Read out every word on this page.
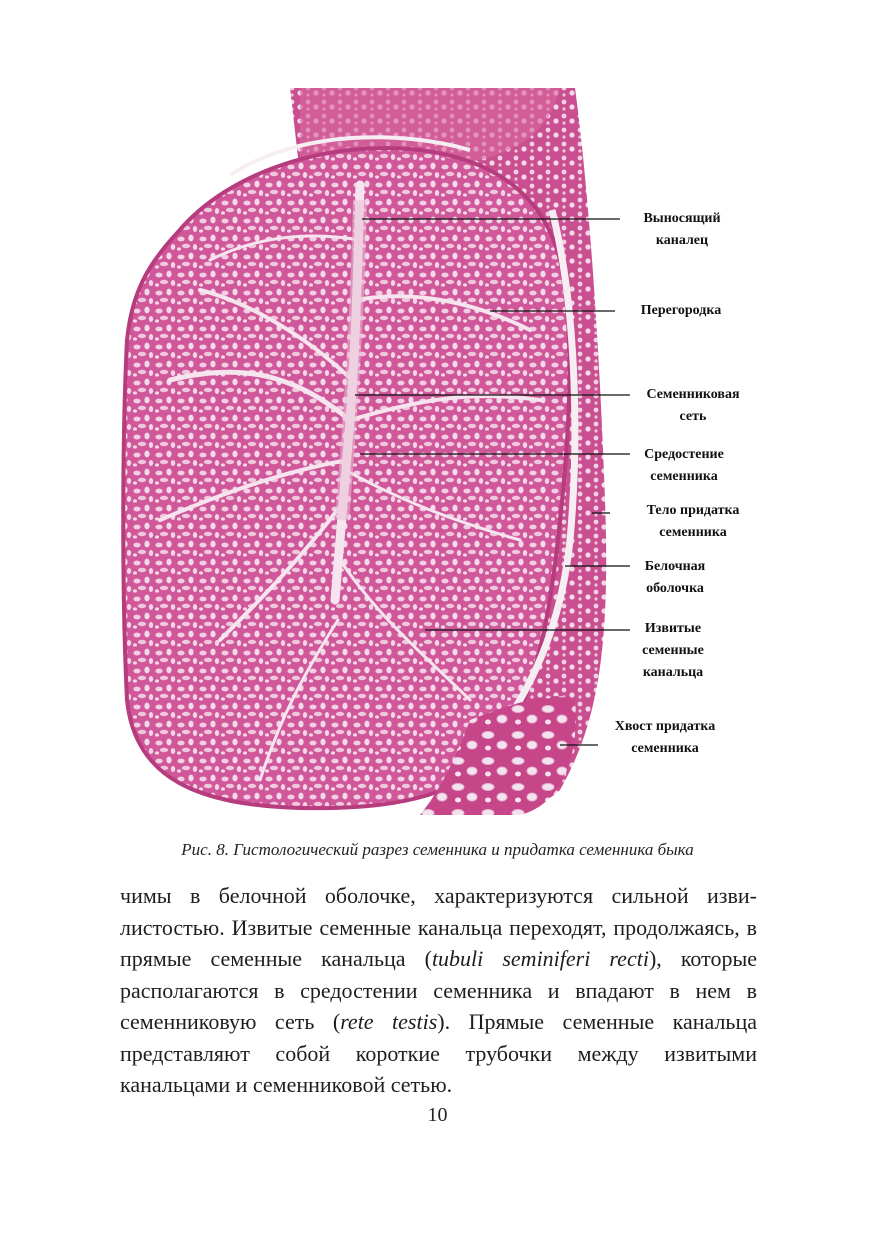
Выносящий
каналец
Перегородка
Семенниковая
сеть
Средостение
семенника
Тело придатка
семенника
Белочная
оболочка
Извитые
семенные
канальца
Хвост придатка
семенника
Рис. 8. Гистологический разрез семенника и придатка семенника быка

чимы в белочной оболочке, характеризуются сильной извилистостью. Извитые семенные канальца переходят, продолжаясь, в прямые семенные канальца (tubuli seminiferi recti), которые располагаются в средостении семенника и впадают в нем в семенниковую сеть (rete testis). Прямые семенные канальца представляют собой короткие трубочки между извитыми канальцами и семенниковой сетью.

10
